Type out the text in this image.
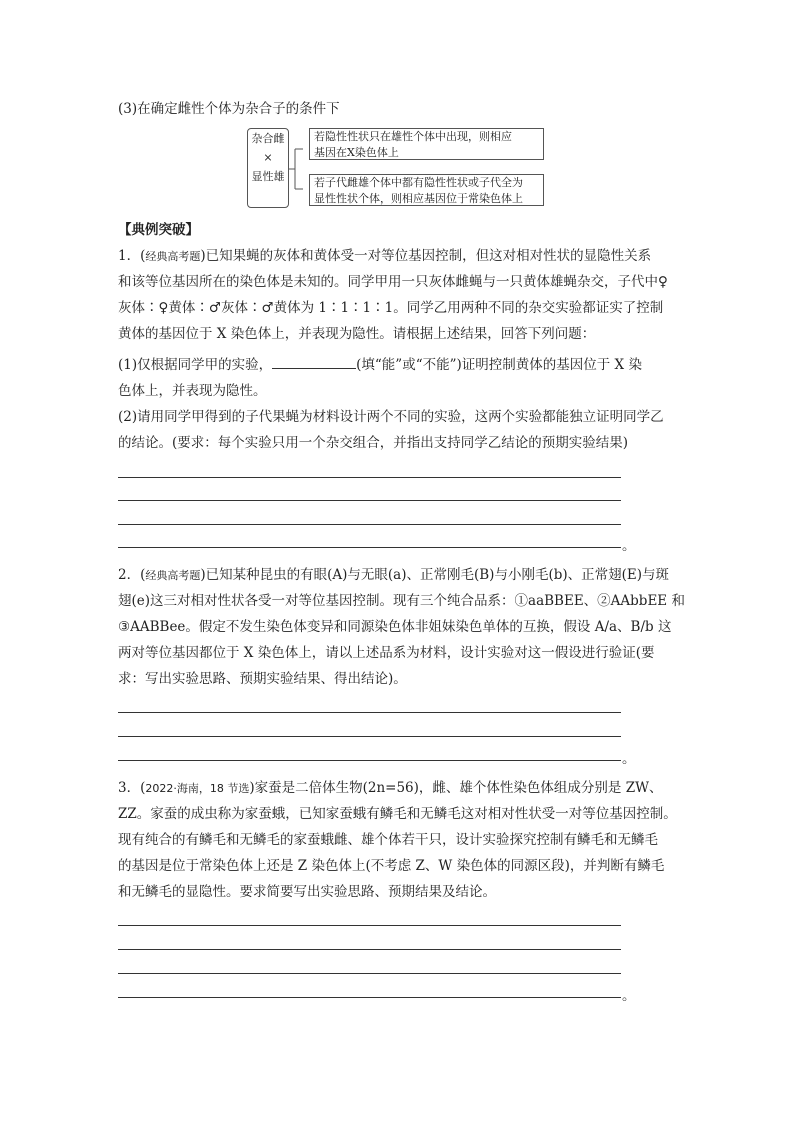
(3)在确定雌性个体为杂合子的条件下
杂合雌
×
显性雄
若隐性性状只在雄性个体中出现，则相应
基因在X染色体上
若子代雌雄个体中都有隐性性状或子代全为
显性性状个体，则相应基因位于常染色体上
【典例突破】
1．(经典高考题)已知果蝇的灰体和黄体受一对等位基因控制，但这对相对性状的显隐性关系
和该等位基因所在的染色体是未知的。同学甲用一只灰体雌蝇与一只黄体雄蝇杂交，子代中♀
灰体∶♀黄体∶♂灰体∶♂黄体为 1∶1∶1∶1。同学乙用两种不同的杂交实验都证实了控制
黄体的基因位于 X 染色体上，并表现为隐性。请根据上述结果，回答下列问题：
(1)仅根据同学甲的实验，	(填“能”或“不能”)证明控制黄体的基因位于 X 染
色体上，并表现为隐性。
(2)请用同学甲得到的子代果蝇为材料设计两个不同的实验，这两个实验都能独立证明同学乙
的结论。(要求：每个实验只用一个杂交组合，并指出支持同学乙结论的预期实验结果)
。
2．(经典高考题)已知某种昆虫的有眼(A)与无眼(a)、正常刚毛(B)与小刚毛(b)、正常翅(E)与斑
翅(e)这三对相对性状各受一对等位基因控制。现有三个纯合品系：①aaBBEE、②AAbbEE 和
③AABBee。假定不发生染色体变异和同源染色体非姐妹染色单体的互换，假设 A/a、B/b 这
两对等位基因都位于 X 染色体上，请以上述品系为材料，设计实验对这一假设进行验证(要
求：写出实验思路、预期实验结果、得出结论)。
。
3．(2022·海南，18 节选)家蚕是二倍体生物(2n=56)，雌、雄个体性染色体组成分别是 ZW、
ZZ。家蚕的成虫称为家蚕蛾，已知家蚕蛾有鳞毛和无鳞毛这对相对性状受一对等位基因控制。
现有纯合的有鳞毛和无鳞毛的家蚕蛾雌、雄个体若干只，设计实验探究控制有鳞毛和无鳞毛
的基因是位于常染色体上还是 Z 染色体上(不考虑 Z、W 染色体的同源区段)，并判断有鳞毛
和无鳞毛的显隐性。要求简要写出实验思路、预期结果及结论。
。
